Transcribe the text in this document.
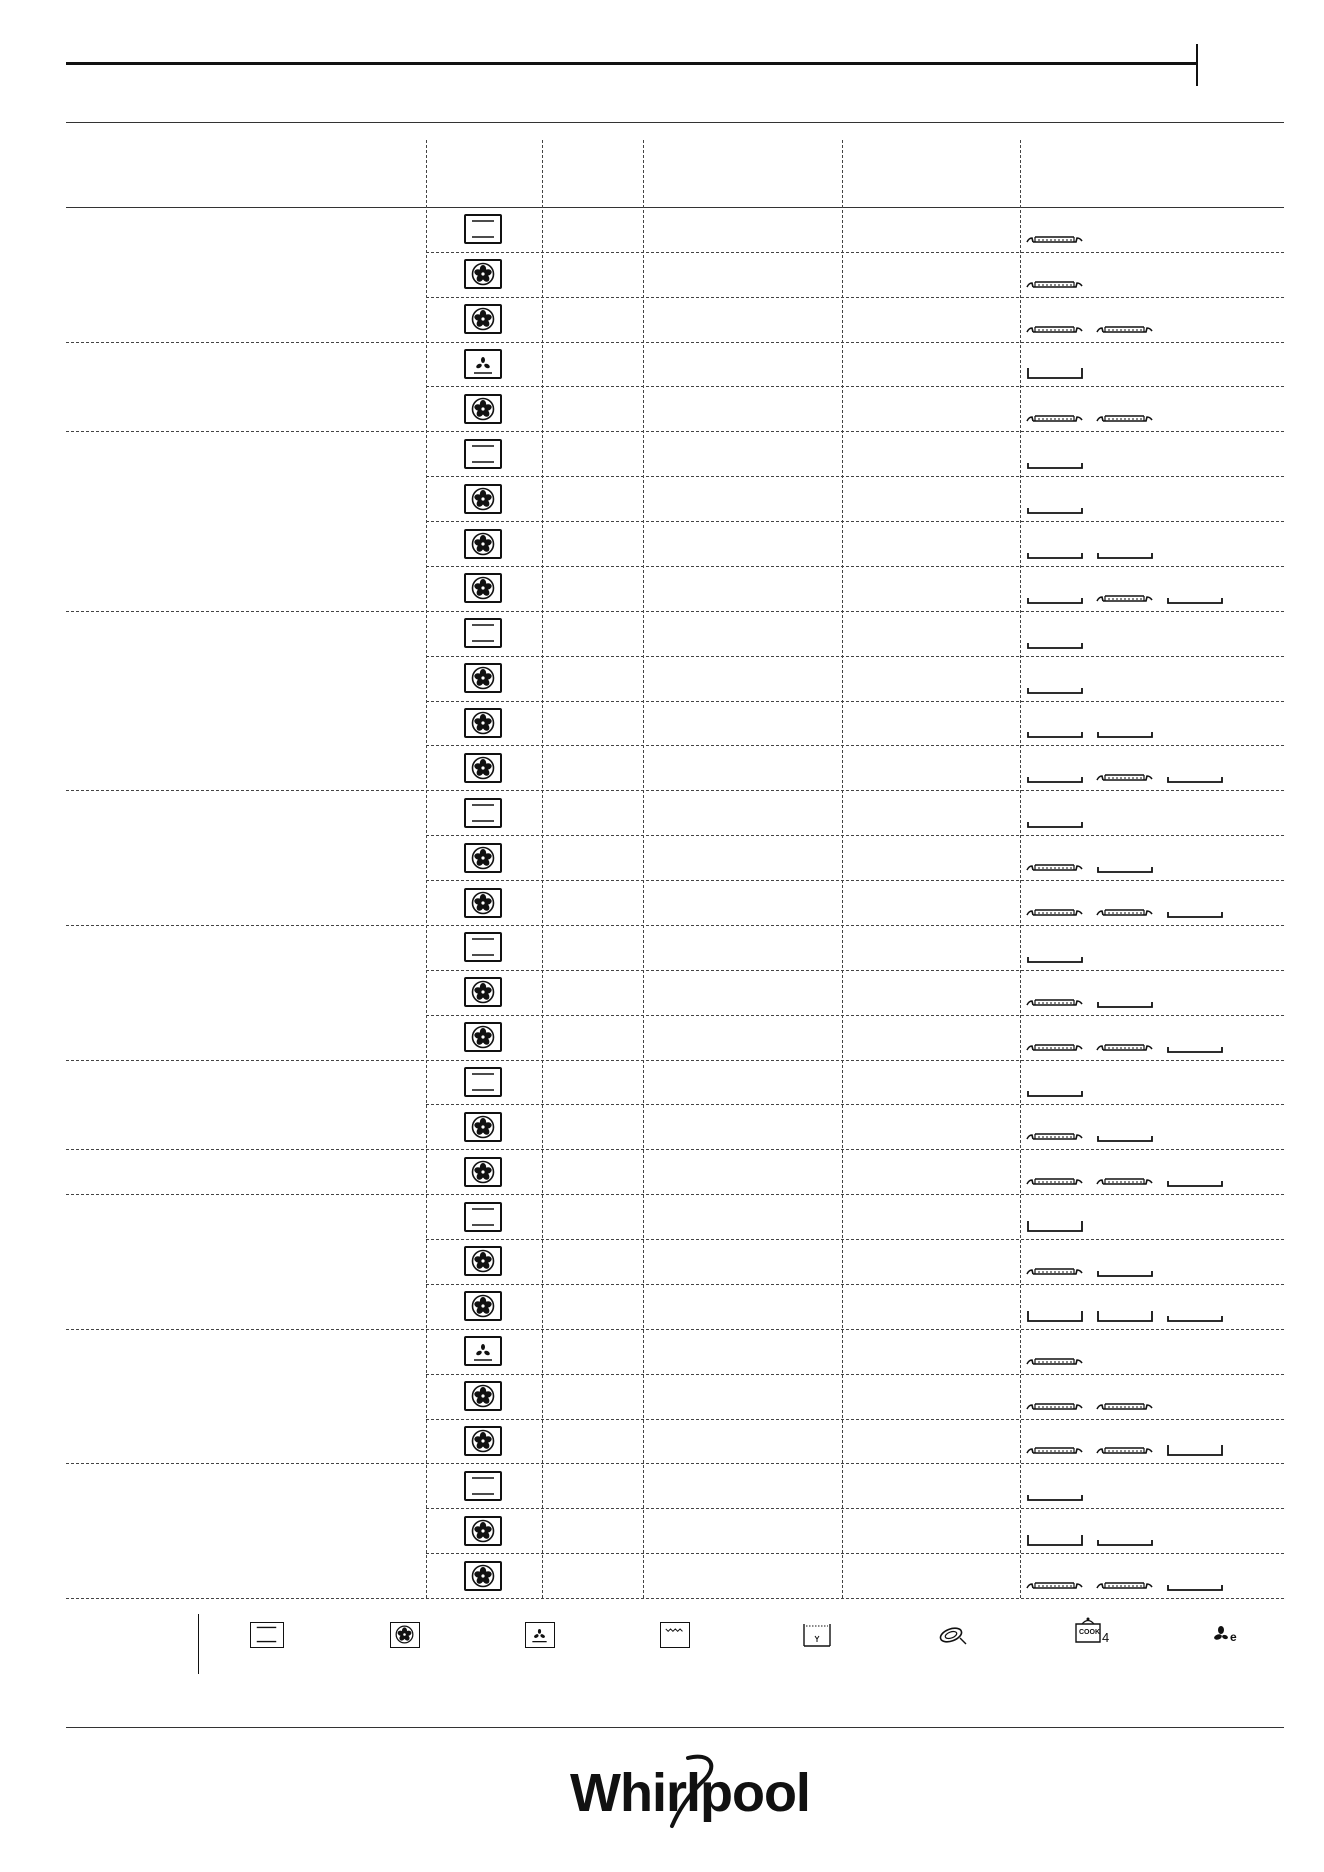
COOK 4	e
Whirlpool
